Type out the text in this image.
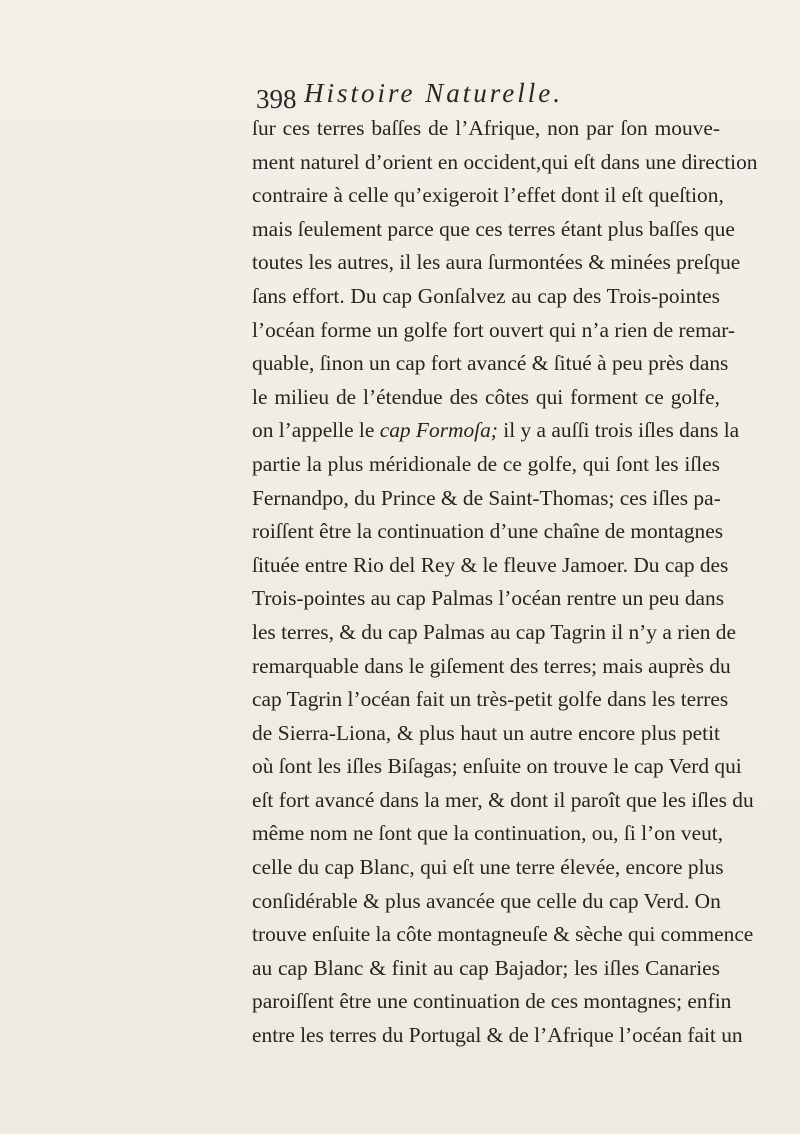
398 Histoire Naturelle.
ſur ces terres baſſes de l’Afrique, non par ſon mouve-
ment naturel d’orient en occident,qui eſt dans une direction
contraire à celle qu’exigeroit l’effet dont il eſt queſtion,
mais ſeulement parce que ces terres étant plus baſſes que
toutes les autres, il les aura ſurmontées & minées preſque
ſans effort. Du cap Gonſalvez au cap des Trois-pointes
l’océan forme un golfe fort ouvert qui n’a rien de remar-
quable, ſinon un cap fort avancé & ſitué à peu près dans
le milieu de l’étendue des côtes qui forment ce golfe,
on l’appelle le cap Formoſa; il y a auſſi trois iſles dans la
partie la plus méridionale de ce golfe, qui ſont les iſles
Fernandpo, du Prince & de Saint-Thomas; ces iſles pa-
roiſſent être la continuation d’une chaîne de montagnes
ſituée entre Rio del Rey & le fleuve Jamoer. Du cap des
Trois-pointes au cap Palmas l’océan rentre un peu dans
les terres, & du cap Palmas au cap Tagrin il n’y a rien de
remarquable dans le giſement des terres; mais auprès du
cap Tagrin l’océan fait un très-petit golfe dans les terres
de Sierra-Liona, & plus haut un autre encore plus petit
où ſont les iſles Biſagas; enſuite on trouve le cap Verd qui
eſt fort avancé dans la mer, & dont il paroît que les iſles du
même nom ne ſont que la continuation, ou, ſi l’on veut,
celle du cap Blanc, qui eſt une terre élevée, encore plus
conſidérable & plus avancée que celle du cap Verd. On
trouve enſuite la côte montagneuſe & sèche qui commence
au cap Blanc & finit au cap Bajador; les iſles Canaries
paroiſſent être une continuation de ces montagnes; enfin
entre les terres du Portugal & de l’Afrique l’océan fait un
